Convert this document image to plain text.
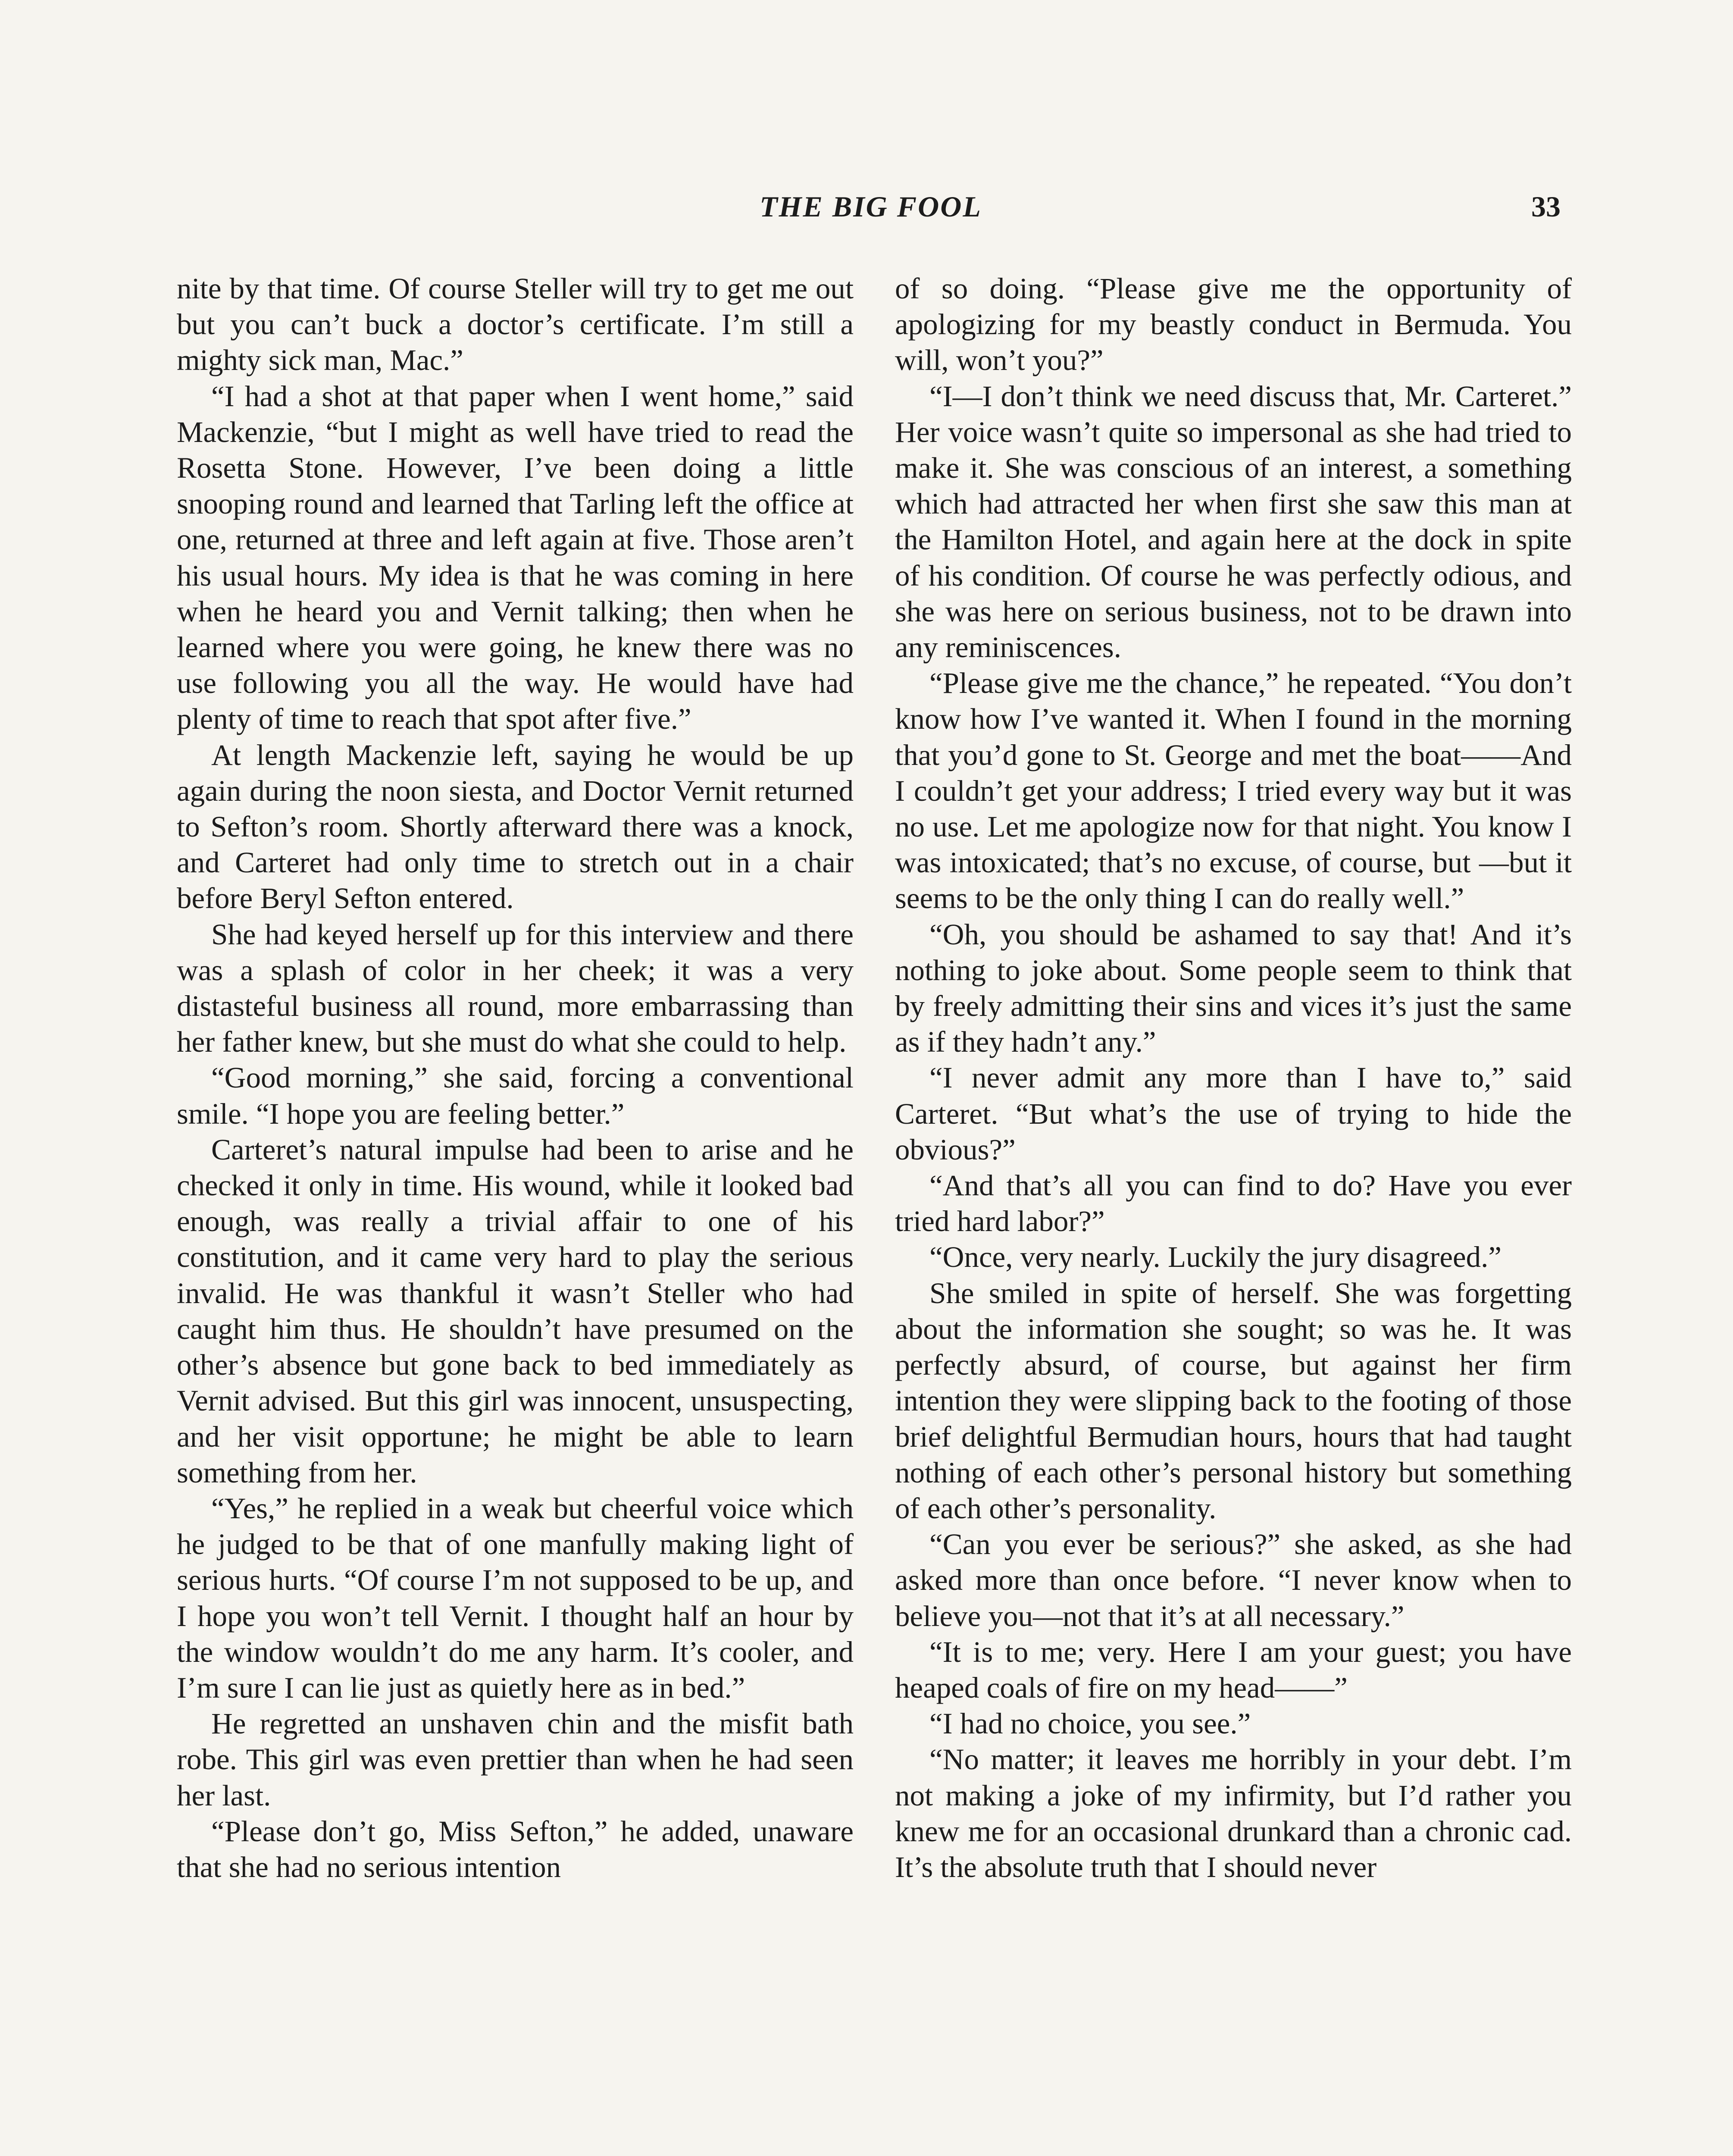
THE BIG FOOL	33

nite by that time. Of course Steller will try to get me out but you can’t buck a doctor’s certificate. I’m still a mighty sick man, Mac.”

“I had a shot at that paper when I went home,” said Mackenzie, “but I might as well have tried to read the Rosetta Stone. However, I’ve been doing a little snooping round and learned that Tarling left the office at one, returned at three and left again at five. Those aren’t his usual hours. My idea is that he was coming in here when he heard you and Vernit talking; then when he learned where you were going, he knew there was no use following you all the way. He would have had plenty of time to reach that spot after five.”

At length Mackenzie left, saying he would be up again during the noon siesta, and Doctor Vernit returned to Sefton’s room. Shortly afterward there was a knock, and Carteret had only time to stretch out in a chair before Beryl Sefton entered.

She had keyed herself up for this interview and there was a splash of color in her cheek; it was a very distasteful business all round, more embarrassing than her father knew, but she must do what she could to help.

“Good morning,” she said, forcing a conventional smile. “I hope you are feeling better.”

Carteret’s natural impulse had been to arise and he checked it only in time. His wound, while it looked bad enough, was really a trivial affair to one of his constitution, and it came very hard to play the serious invalid. He was thankful it wasn’t Steller who had caught him thus. He shouldn’t have presumed on the other’s absence but gone back to bed immediately as Vernit advised. But this girl was innocent, unsuspecting, and her visit opportune; he might be able to learn something from her.

“Yes,” he replied in a weak but cheerful voice which he judged to be that of one manfully making light of serious hurts. “Of course I’m not supposed to be up, and I hope you won’t tell Vernit. I thought half an hour by the window wouldn’t do me any harm. It’s cooler, and I’m sure I can lie just as quietly here as in bed.”

He regretted an unshaven chin and the misfit bath robe. This girl was even prettier than when he had seen her last.

“Please don’t go, Miss Sefton,” he added, unaware that she had no serious intention

of so doing. “Please give me the opportunity of apologizing for my beastly conduct in Bermuda. You will, won’t you?”

“I—I don’t think we need discuss that, Mr. Carteret.” Her voice wasn’t quite so impersonal as she had tried to make it. She was conscious of an interest, a something which had attracted her when first she saw this man at the Hamilton Hotel, and again here at the dock in spite of his condition. Of course he was perfectly odious, and she was here on serious business, not to be drawn into any reminiscences.

“Please give me the chance,” he repeated. “You don’t know how I’ve wanted it. When I found in the morning that you’d gone to St. George and met the boat——And I couldn’t get your address; I tried every way but it was no use. Let me apologize now for that night. You know I was intoxicated; that’s no excuse, of course, but —but it seems to be the only thing I can do really well.”

“Oh, you should be ashamed to say that! And it’s nothing to joke about. Some people seem to think that by freely admitting their sins and vices it’s just the same as if they hadn’t any.”

“I never admit any more than I have to,” said Carteret. “But what’s the use of trying to hide the obvious?”

“And that’s all you can find to do? Have you ever tried hard labor?”

“Once, very nearly. Luckily the jury disagreed.”

She smiled in spite of herself. She was forgetting about the information she sought; so was he. It was perfectly absurd, of course, but against her firm intention they were slipping back to the footing of those brief delightful Bermudian hours, hours that had taught nothing of each other’s personal history but something of each other’s personality.

“Can you ever be serious?” she asked, as she had asked more than once before. “I never know when to believe you—not that it’s at all necessary.”

“It is to me; very. Here I am your guest; you have heaped coals of fire on my head——”

“I had no choice, you see.”

“No matter; it leaves me horribly in your debt. I’m not making a joke of my infirmity, but I’d rather you knew me for an occasional drunkard than a chronic cad. It’s the absolute truth that I should never
